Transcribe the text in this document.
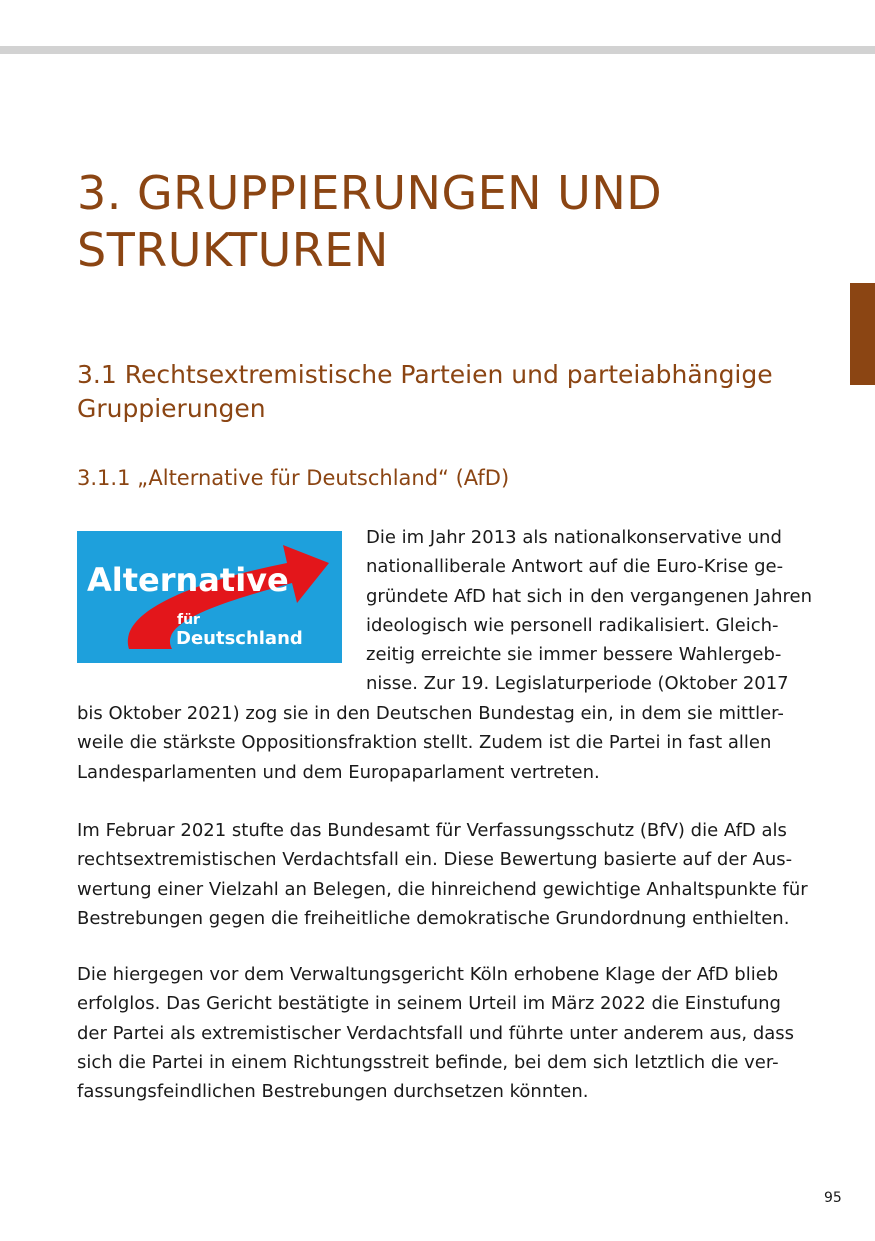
3. GRUPPIERUNGEN UND
STRUKTUREN
3.1 Rechtsextremistische Parteien und parteiabhängige
Gruppierungen
3.1.1 „Alternative für Deutschland“ (AfD)
Alternative
für
Deutschland
Die im Jahr 2013 als nationalkonservative und
nationalliberale Antwort auf die Euro-Krise ge-
gründete AfD hat sich in den vergangenen Jahren
ideologisch wie personell radikalisiert. Gleich-
zeitig erreichte sie immer bessere Wahlergeb-
nisse. Zur 19. Legislaturperiode (Oktober 2017
bis Oktober 2021) zog sie in den Deutschen Bundestag ein, in dem sie mittler-
weile die stärkste Oppositionsfraktion stellt. Zudem ist die Partei in fast allen
Landesparlamenten und dem Europaparlament vertreten.
Im Februar 2021 stufte das Bundesamt für Verfassungsschutz (BfV) die AfD als
rechtsextremistischen Verdachtsfall ein. Diese Bewertung basierte auf der Aus-
wertung einer Vielzahl an Belegen, die hinreichend gewichtige Anhaltspunkte für
Bestrebungen gegen die freiheitliche demokratische Grundordnung enthielten.
Die hiergegen vor dem Verwaltungsgericht Köln erhobene Klage der AfD blieb
erfolglos. Das Gericht bestätigte in seinem Urteil im März 2022 die Einstufung
der Partei als extremistischer Verdachtsfall und führte unter anderem aus, dass
sich die Partei in einem Richtungsstreit befinde, bei dem sich letztlich die ver-
fassungsfeindlichen Bestrebungen durchsetzen könnten.
95
